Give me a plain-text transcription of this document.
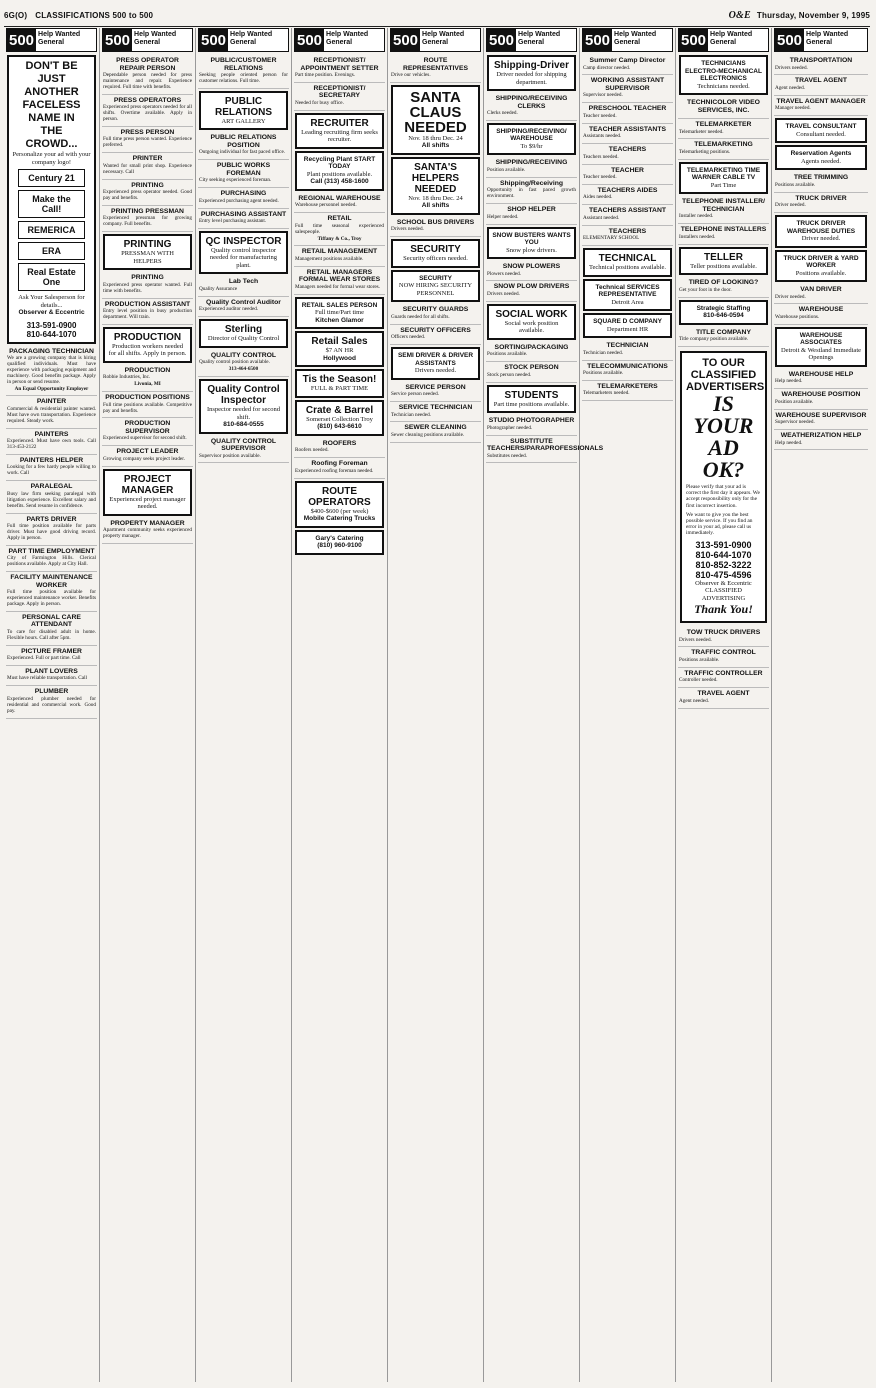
6G(O) CLASSIFICATIONS 500 to 500	O&E Thursday, November 9, 1995
500 Help Wanted
General
DON'T BE
JUST
ANOTHER
FACELESS
NAME IN
THE
CROWD...
Personalize your ad with your company logo!
Century 21
Make the Call!
REMERICA
ERA
Real Estate One
Ask Your Salesperson for details...
Observer & Eccentric
313-591-0900
810-644-1070
PACKAGING TECHNICIAN
We are a growing company that is hiring qualified individuals. Must have experience with packaging equipment and machinery. Good benefits package. Apply in person or send resume.
An Equal Opportunity Employer
PAINTER
Commercial & residential painter wanted. Must have own transportation. Experience required. Steady work.
PAINTERS
Experienced. Must have own tools. Call 313-453-2122
PAINTERS HELPER
Looking for a few hardy people willing to work. Call
PARALEGAL
Busy law firm seeking paralegal with litigation experience. Excellent salary and benefits. Send resume in confidence.
PARTS DRIVER
Full time position available for parts driver. Must have good driving record. Apply in person.
PART TIME EMPLOYMENT
City of Farmington Hills. Clerical positions available. Apply at City Hall.
FACILITY MAINTENANCE WORKER
Full time position available for experienced maintenance worker. Benefits package. Apply in person.
PERSONAL CARE ATTENDANT
To care for disabled adult in home. Flexible hours. Call after 5pm.
PICTURE FRAMER
Experienced. Full or part time. Call
PLANT LOVERS
Must have reliable transportation. Call
PLUMBER
Experienced plumber needed for residential and commercial work. Good pay.
500 Help Wanted
General
PRESS OPERATOR REPAIR PERSON
Dependable person needed for press maintenance and repair. Experience required. Full time with benefits.
PRESS OPERATORS
Experienced press operators needed for all shifts. Overtime available. Apply in person.
PRESS PERSON
Full time press person wanted. Experience preferred.
PRINTER
Wanted for small print shop. Experience necessary. Call
PRINTING
Experienced press operator needed. Good pay and benefits.
PRINTING PRESSMAN
Experienced pressman for growing company. Full benefits.
PRINTING
PRESSMAN WITH HELPERS
PRINTING
Experienced press operator wanted. Full time with benefits.
PRODUCTION ASSISTANT
Entry level position in busy production department. Will train.
PRODUCTION
Production workers needed for all shifts. Apply in person.
PRODUCTION
Robbie Industries, Inc.
Livonia, MI
PRODUCTION POSITIONS
Full time positions available. Competitive pay and benefits.
PRODUCTION SUPERVISOR
Experienced supervisor for second shift.
PROJECT LEADER
Growing company seeks project leader.
PROJECT MANAGER
Experienced project manager needed.
PROPERTY MANAGER
Apartment community seeks experienced property manager.
500 Help Wanted
General
PUBLIC/CUSTOMER RELATIONS
Seeking people oriented person for customer relations. Full time.
PUBLIC RELATIONS
ART GALLERY
PUBLIC RELATIONS POSITION
Outgoing individual for fast paced office.
PUBLIC WORKS FOREMAN
City seeking experienced foreman.
PURCHASING
Experienced purchasing agent needed.
PURCHASING ASSISTANT
Entry level purchasing assistant.
QC INSPECTOR
Quality control inspector needed for manufacturing plant.
Lab Tech
Quality Assurance
Quality Control Auditor
Experienced auditor needed.
Sterling
Director of Quality Control
QUALITY CONTROL
Quality control position available.
313-464-6500
Quality Control Inspector
Inspector needed for second shift.
810-684-0555
QUALITY CONTROL SUPERVISOR
Supervisor position available.
500 Help Wanted
General
RECEPTIONIST/ APPOINTMENT SETTER
Part time position. Evenings.
RECEPTIONIST/ SECRETARY
Needed for busy office.
RECRUITER
Leading recruiting firm seeks recruiter.
Recycling Plant START TODAY
Plant positions available.
Call (313) 458-1600
REGIONAL WAREHOUSE
Warehouse personnel needed.
RETAIL
Full time seasonal experienced salespeople.
Tiffany & Co., Troy
RETAIL MANAGEMENT
Management positions available.
RETAIL MANAGERS FORMAL WEAR STORES
Managers needed for formal wear stores.
RETAIL SALES PERSON
Full time/Part time
Kitchen Glamor
Retail Sales
$7 AN HR
Hollywood
Tis the Season!
FULL & PART TIME
Crate & Barrel
Somerset Collection Troy
(810) 643-6610
ROOFERS
Roofers needed.
Roofing Foreman
Experienced roofing foreman needed.
ROUTE OPERATORS
$400-$600 (per week)
Mobile Catering Trucks
Gary's Catering
(810) 960-9100
500 Help Wanted
General
ROUTE REPRESENTATIVES
Drive our vehicles.
SANTA CLAUS NEEDED
Nov. 18 thru Dec. 24
All shifts
SANTA'S HELPERS NEEDED
Nov. 18 thru Dec. 24
All shifts
SCHOOL BUS DRIVERS
Drivers needed.
SECURITY
Security officers needed.
SECURITY
NOW HIRING SECURITY PERSONNEL
SECURITY GUARDS
Guards needed for all shifts.
SECURITY OFFICERS
Officers needed.
SEMI DRIVER & DRIVER ASSISTANTS
Drivers needed.
SERVICE PERSON
Service person needed.
SERVICE TECHNICIAN
Technician needed.
SEWER CLEANING
Sewer cleaning positions available.
500 Help Wanted
General
Shipping-Driver
Driver needed for shipping department.
SHIPPING/RECEIVING CLERKS
Clerks needed.
SHIPPING/RECEIVING/ WAREHOUSE
To $9/hr
SHIPPING/RECEIVING
Position available.
Shipping/Receiving
Opportunity in fast paced growth environment.
SHOP HELPER
Helper needed.
SNOW BUSTERS WANTS YOU
Snow plow drivers.
SNOW PLOWERS
Plowers needed.
SNOW PLOW DRIVERS
Drivers needed.
SOCIAL WORK
Social work position available.
SORTING/PACKAGING
Positions available.
STOCK PERSON
Stock person needed.
STUDENTS
Part time positions available.
STUDIO PHOTOGRAPHER
Photographer needed.
SUBSTITUTE TEACHERS/PARAPROFESSIONALS
Substitutes needed.
500 Help Wanted
General
Summer Camp Director
Camp director needed.
WORKING ASSISTANT SUPERVISOR
Supervisor needed.
PRESCHOOL TEACHER
Teacher needed.
TEACHER ASSISTANTS
Assistants needed.
TEACHERS
Teachers needed.
TEACHER
Teacher needed.
TEACHERS AIDES
Aides needed.
TEACHERS ASSISTANT
Assistant needed.
TEACHERS
ELEMENTARY SCHOOL
TECHNICAL
Technical positions available.
Technical SERVICES REPRESENTATIVE
Detroit Area
SQUARE D COMPANY
Department HR
TECHNICIAN
Technician needed.
TELECOMMUNICATIONS
Positions available.
TELEMARKETERS
Telemarketers needed.
500 Help Wanted
General
TECHNICIANS ELECTRO-MECHANICAL ELECTRONICS
Technicians needed.
TECHNICOLOR VIDEO SERVICES, INC.
TELEMARKETER
Telemarketer needed.
TELEMARKETING
Telemarketing positions.
TELEMARKETING TIME WARNER CABLE TV
Part Time
TELEPHONE INSTALLER/ TECHNICIAN
Installer needed.
TELEPHONE INSTALLERS
Installers needed.
TELLER
Teller positions available.
TIRED OF LOOKING?
Get your foot in the door.
Strategic Staffing
810-646-0594
TITLE COMPANY
Title company position available.
TO OUR CLASSIFIED ADVERTISERS
IS
YOUR
AD
OK?

Please verify that your ad is correct the first day it appears. We accept responsibility only for the first incorrect insertion.

We want to give you the best possible service. If you find an error in your ad, please call us immediately.

313-591-0900
810-644-1070
810-852-3222
810-475-4596
Observer & Eccentric
CLASSIFIED ADVERTISING
Thank You!
TOW TRUCK DRIVERS
Drivers needed.
TRAFFIC CONTROL
Positions available.
TRAFFIC CONTROLLER
Controller needed.
TRAVEL AGENT
Agent needed.
500 Help Wanted
General
TRANSPORTATION
Drivers needed.
TRAVEL AGENT
Agent needed.
TRAVEL AGENT MANAGER
Manager needed.
TRAVEL CONSULTANT
Consultant needed.
Reservation Agents
Agents needed.
TREE TRIMMING
Positions available.
TRUCK DRIVER
Driver needed.
TRUCK DRIVER WAREHOUSE DUTIES
Driver needed.
TRUCK DRIVER & YARD WORKER
Positions available.
VAN DRIVER
Driver needed.
WAREHOUSE
Warehouse positions.
WAREHOUSE ASSOCIATES
Detroit & Westland Immediate Openings
WAREHOUSE HELP
Help needed.
WAREHOUSE POSITION
Position available.
WAREHOUSE SUPERVISOR
Supervisor needed.
WEATHERIZATION HELP
Help needed.
